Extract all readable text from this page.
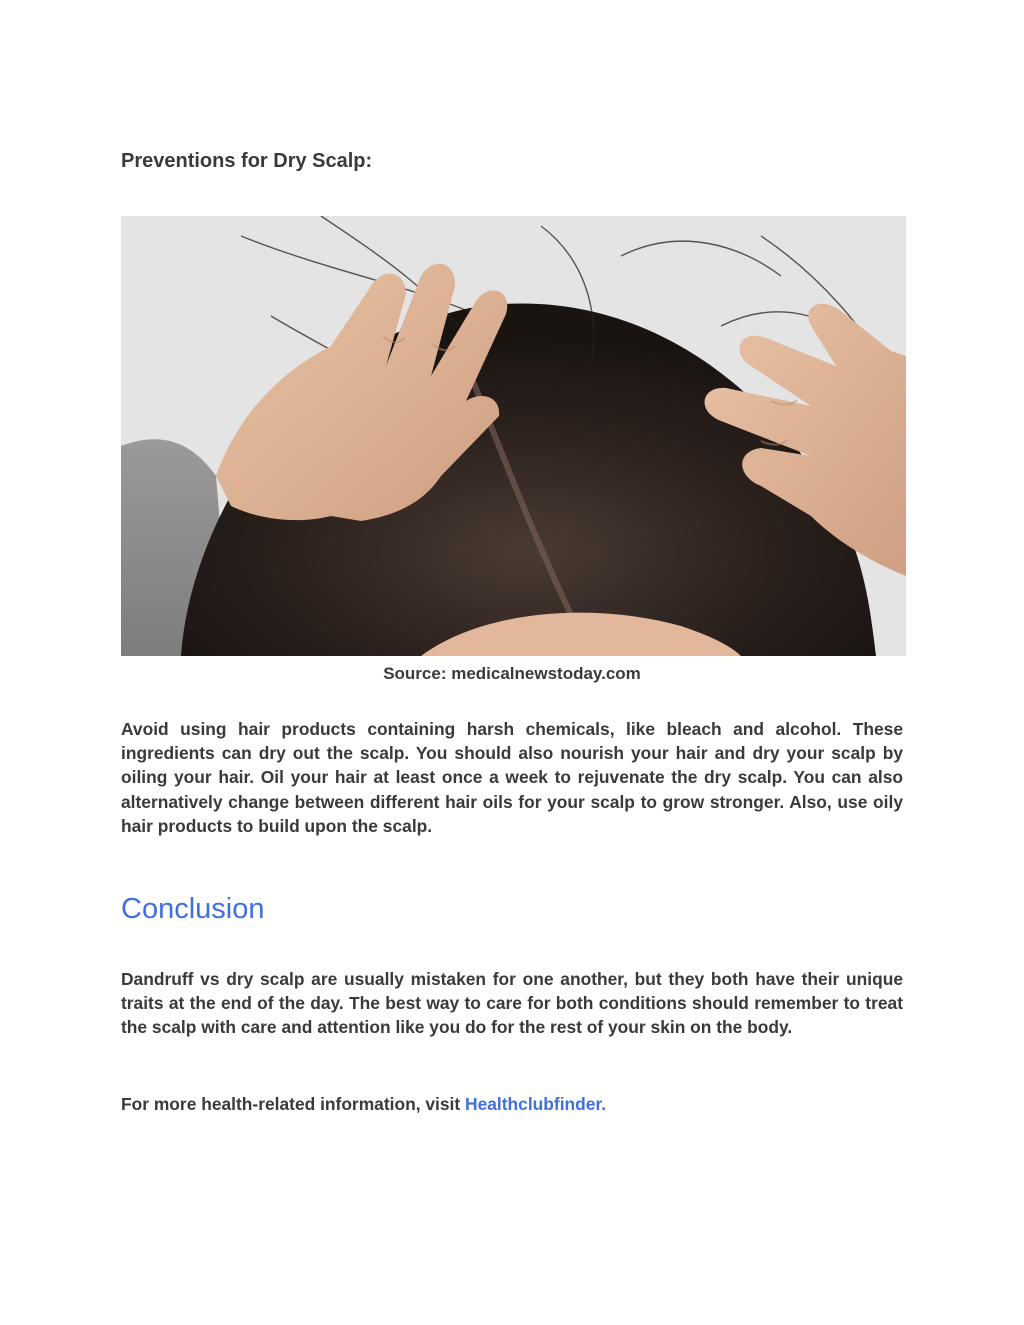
Preventions for Dry Scalp:

Source: medicalnewstoday.com

Avoid using hair products containing harsh chemicals, like bleach and alcohol. These ingredients can dry out the scalp. You should also nourish your hair and dry your scalp by oiling your hair. Oil your hair at least once a week to rejuvenate the dry scalp. You can also alternatively change between different hair oils for your scalp to grow stronger. Also, use oily hair products to build upon the scalp.

Conclusion

Dandruff vs dry scalp are usually mistaken for one another, but they both have their unique traits at the end of the day. The best way to care for both conditions should remember to treat the scalp with care and attention like you do for the rest of your skin on the body.

For more health-related information, visit Healthclubfinder.
